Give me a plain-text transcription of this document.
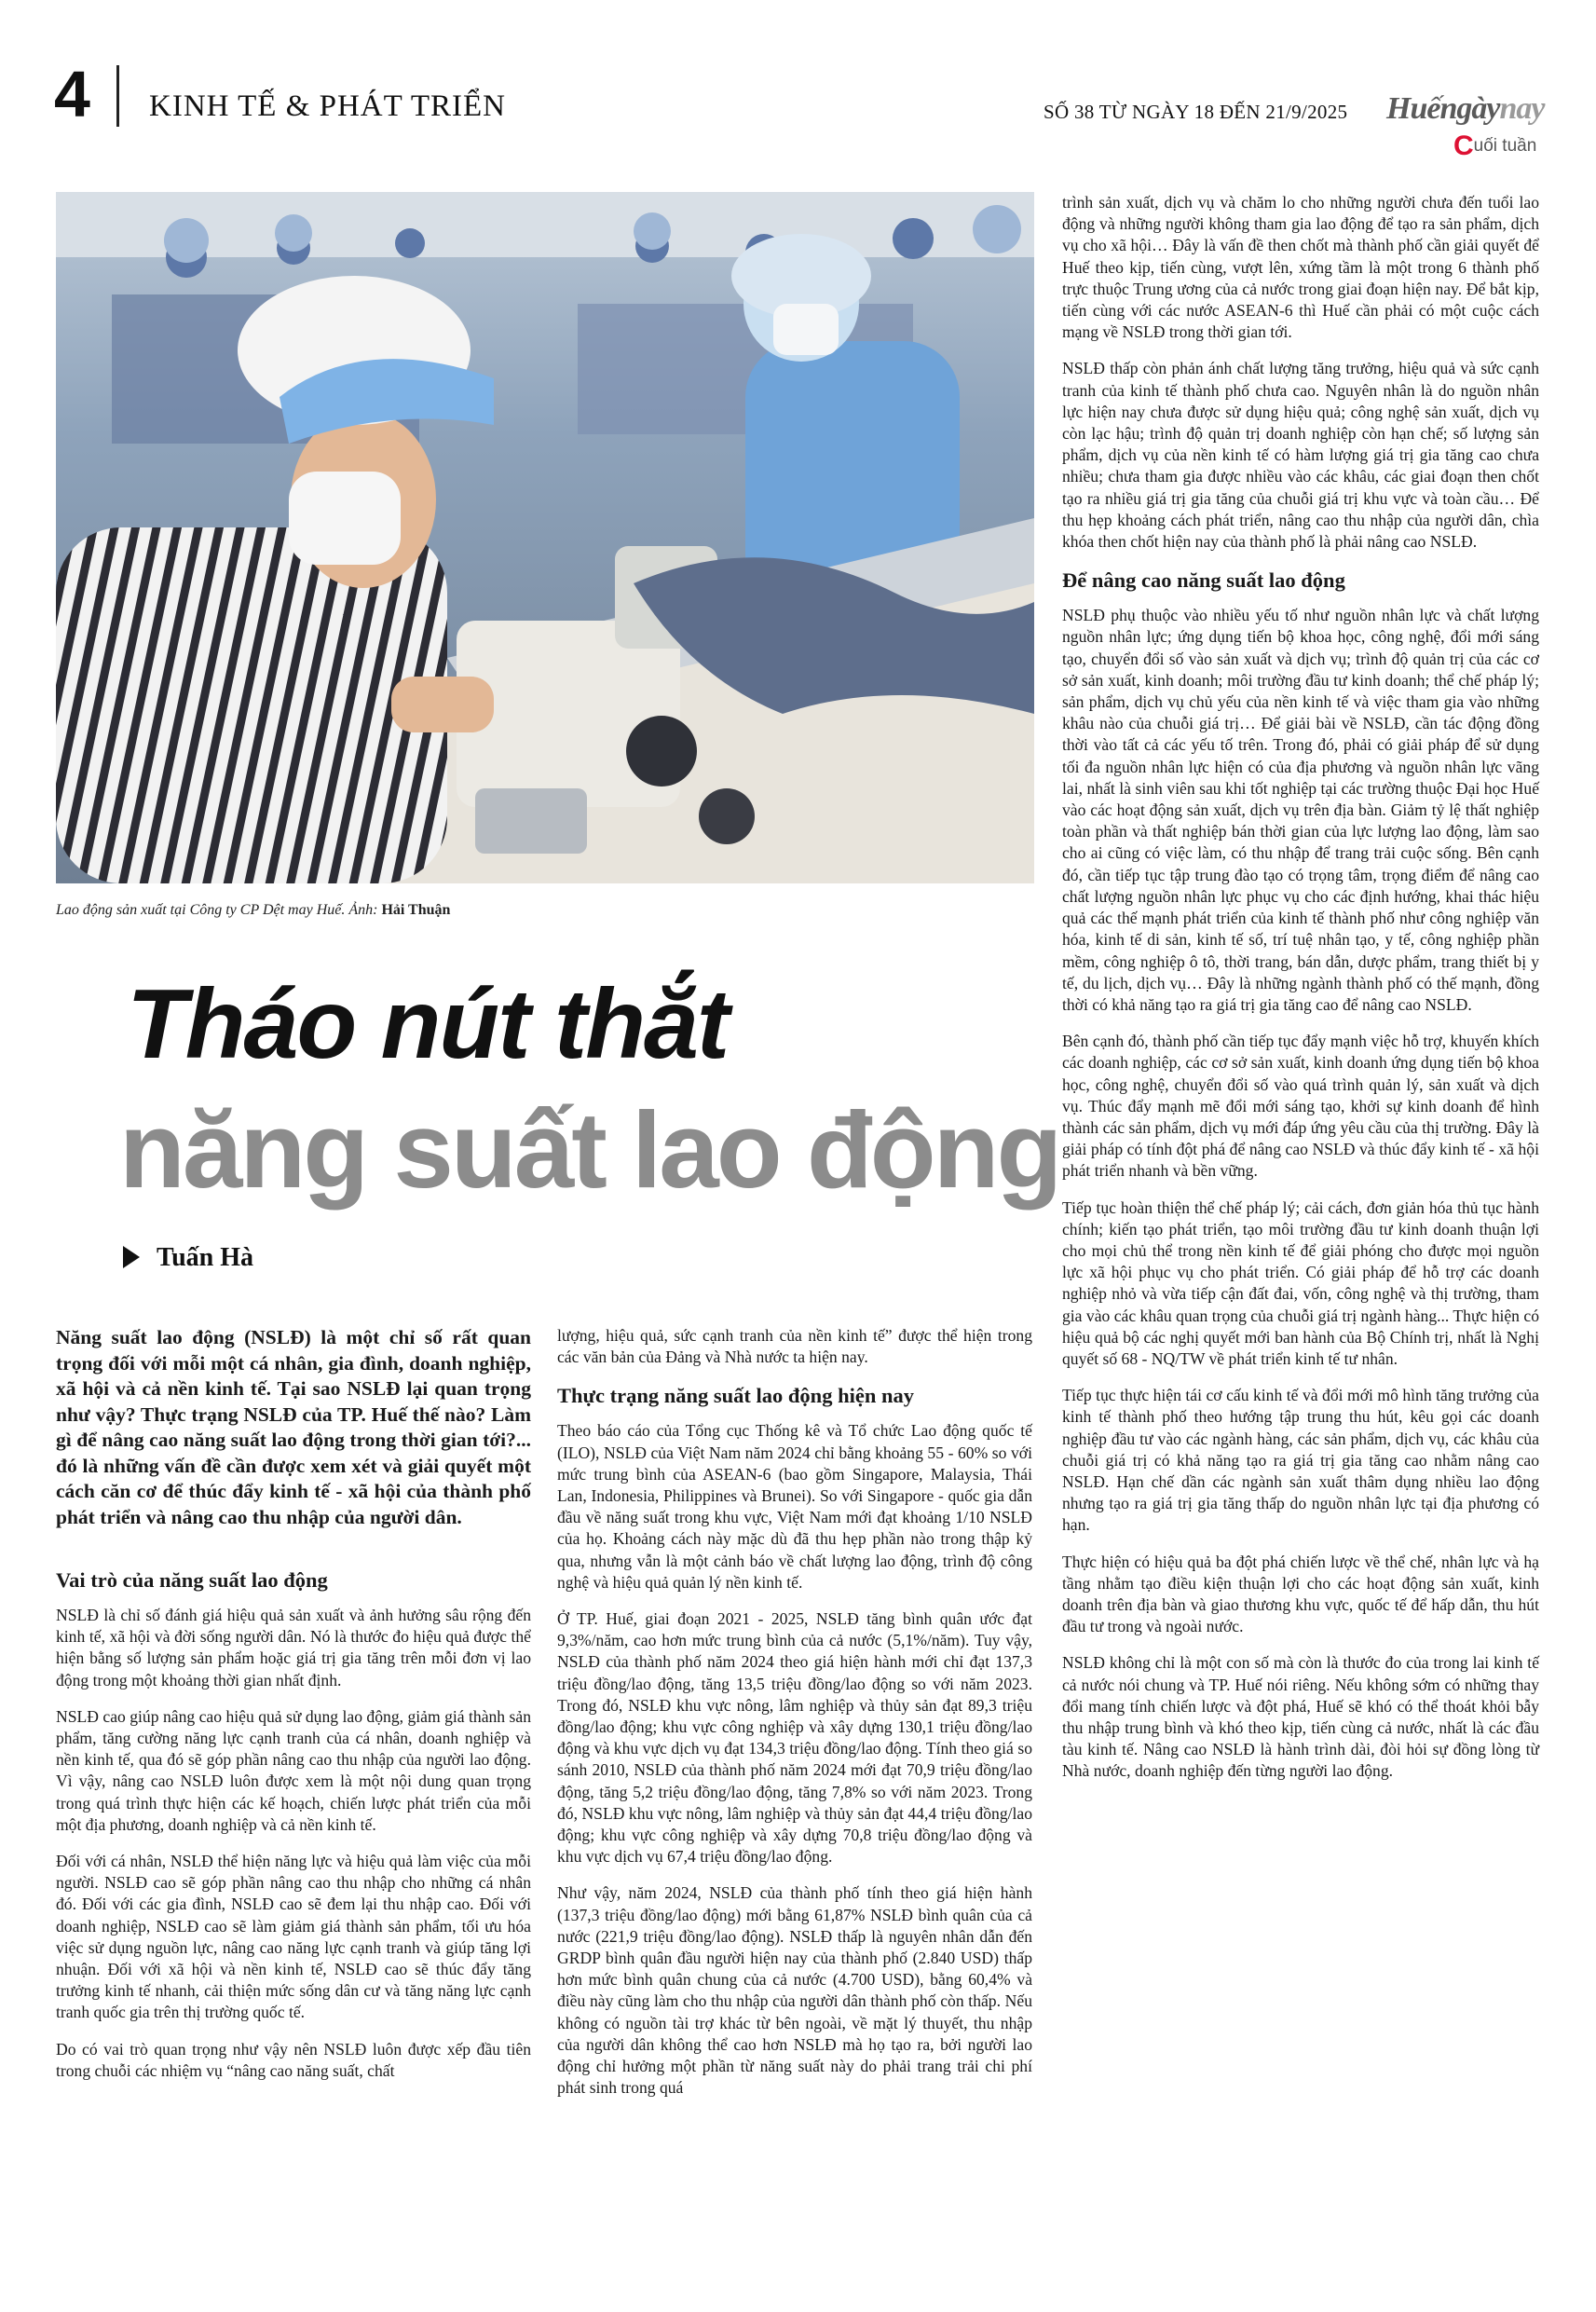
4 KINH TẾ & PHÁT TRIỂN	SỐ 38 TỪ NGÀY 18 ĐẾN 21/9/2025 Huếngàynay
Cuối tuần
Lao động sản xuất tại Công ty CP Dệt may Huế. Ảnh: Hải Thuận
Tháo nút thắt
năng suất lao động
Tuấn Hà
Năng suất lao động (NSLĐ) là một chỉ số rất quan trọng đối với mỗi một cá nhân, gia đình, doanh nghiệp, xã hội và cả nền kinh tế. Tại sao NSLĐ lại quan trọng như vậy? Thực trạng NSLĐ của TP. Huế thế nào? Làm gì để nâng cao năng suất lao động trong thời gian tới?... đó là những vấn đề cần được xem xét và giải quyết một cách căn cơ để thúc đẩy kinh tế - xã hội của thành phố phát triển và nâng cao thu nhập của người dân.
Vai trò của năng suất lao động

NSLĐ là chỉ số đánh giá hiệu quả sản xuất và ảnh hưởng sâu rộng đến kinh tế, xã hội và đời sống người dân. Nó là thước đo hiệu quả được thể hiện bằng số lượng sản phẩm hoặc giá trị gia tăng trên mỗi đơn vị lao động trong một khoảng thời gian nhất định.

NSLĐ cao giúp nâng cao hiệu quả sử dụng lao động, giảm giá thành sản phẩm, tăng cường năng lực cạnh tranh của cá nhân, doanh nghiệp và nền kinh tế, qua đó sẽ góp phần nâng cao thu nhập của người lao động. Vì vậy, nâng cao NSLĐ luôn được xem là một nội dung quan trọng trong quá trình thực hiện các kế hoạch, chiến lược phát triển của mỗi một địa phương, doanh nghiệp và cả nền kinh tế.

Đối với cá nhân, NSLĐ thể hiện năng lực và hiệu quả làm việc của mỗi người. NSLĐ cao sẽ góp phần nâng cao thu nhập cho những cá nhân đó. Đối với các gia đình, NSLĐ cao sẽ đem lại thu nhập cao. Đối với doanh nghiệp, NSLĐ cao sẽ làm giảm giá thành sản phẩm, tối ưu hóa việc sử dụng nguồn lực, nâng cao năng lực cạnh tranh và giúp tăng lợi nhuận. Đối với xã hội và nền kinh tế, NSLĐ cao sẽ thúc đẩy tăng trưởng kinh tế nhanh, cải thiện mức sống dân cư và tăng năng lực cạnh tranh quốc gia trên thị trường quốc tế.

Do có vai trò quan trọng như vậy nên NSLĐ luôn được xếp đầu tiên trong chuỗi các nhiệm vụ “nâng cao năng suất, chất

lượng, hiệu quả, sức cạnh tranh của nền kinh tế” được thể hiện trong các văn bản của Đảng và Nhà nước ta hiện nay.

Thực trạng năng suất lao động hiện nay

Theo báo cáo của Tổng cục Thống kê và Tổ chức Lao động quốc tế (ILO), NSLĐ của Việt Nam năm 2024 chỉ bằng khoảng 55 - 60% so với mức trung bình của ASEAN-6 (bao gồm Singapore, Malaysia, Thái Lan, Indonesia, Philippines và Brunei). So với Singapore - quốc gia dẫn đầu về năng suất trong khu vực, Việt Nam mới đạt khoảng 1/10 NSLĐ của họ. Khoảng cách này mặc dù đã thu hẹp phần nào trong thập kỷ qua, nhưng vẫn là một cảnh báo về chất lượng lao động, trình độ công nghệ và hiệu quả quản lý nền kinh tế.

Ở TP. Huế, giai đoạn 2021 - 2025, NSLĐ tăng bình quân ước đạt 9,3%/năm, cao hơn mức trung bình của cả nước (5,1%/năm). Tuy vậy, NSLĐ của thành phố năm 2024 theo giá hiện hành mới chỉ đạt 137,3 triệu đồng/lao động, tăng 13,5 triệu đồng/lao động so với năm 2023. Trong đó, NSLĐ khu vực nông, lâm nghiệp và thủy sản đạt 89,3 triệu đồng/lao động; khu vực công nghiệp và xây dựng 130,1 triệu đồng/lao động và khu vực dịch vụ đạt 134,3 triệu đồng/lao động. Tính theo giá so sánh 2010, NSLĐ của thành phố năm 2024 mới đạt 70,9 triệu đồng/lao động, tăng 5,2 triệu đồng/lao động, tăng 7,8% so với năm 2023. Trong đó, NSLĐ khu vực nông, lâm nghiệp và thủy sản đạt 44,4 triệu đồng/lao động; khu vực công nghiệp và xây dựng 70,8 triệu đồng/lao động và khu vực dịch vụ 67,4 triệu đồng/lao động.

Như vậy, năm 2024, NSLĐ của thành phố tính theo giá hiện hành (137,3 triệu đồng/lao động) mới bằng 61,87% NSLĐ bình quân của cả nước (221,9 triệu đồng/lao động). NSLĐ thấp là nguyên nhân dẫn đến GRDP bình quân đầu người hiện nay của thành phố (2.840 USD) thấp hơn mức bình quân chung của cả nước (4.700 USD), bằng 60,4% và điều này cũng làm cho thu nhập của người dân thành phố còn thấp. Nếu không có nguồn tài trợ khác từ bên ngoài, về mặt lý thuyết, thu nhập của người dân không thể cao hơn NSLĐ mà họ tạo ra, bởi người lao động chỉ hưởng một phần từ năng suất này do phải trang trải chi phí phát sinh trong quá

trình sản xuất, dịch vụ và chăm lo cho những người chưa đến tuổi lao động và những người không tham gia lao động để tạo ra sản phẩm, dịch vụ cho xã hội… Đây là vấn đề then chốt mà thành phố cần giải quyết để Huế theo kịp, tiến cùng, vượt lên, xứng tầm là một trong 6 thành phố trực thuộc Trung ương của cả nước trong giai đoạn hiện nay. Để bắt kịp, tiến cùng với các nước ASEAN-6 thì Huế cần phải có một cuộc cách mạng về NSLĐ trong thời gian tới.

NSLĐ thấp còn phản ánh chất lượng tăng trưởng, hiệu quả và sức cạnh tranh của kinh tế thành phố chưa cao. Nguyên nhân là do nguồn nhân lực hiện nay chưa được sử dụng hiệu quả; công nghệ sản xuất, dịch vụ còn lạc hậu; trình độ quản trị doanh nghiệp còn hạn chế; số lượng sản phẩm, dịch vụ của nền kinh tế có hàm lượng giá trị gia tăng cao chưa nhiều; chưa tham gia được nhiều vào các khâu, các giai đoạn then chốt tạo ra nhiều giá trị gia tăng của chuỗi giá trị khu vực và toàn cầu… Để thu hẹp khoảng cách phát triển, nâng cao thu nhập của người dân, chìa khóa then chốt hiện nay của thành phố là phải nâng cao NSLĐ.

Để nâng cao năng suất lao động

NSLĐ phụ thuộc vào nhiều yếu tố như nguồn nhân lực và chất lượng nguồn nhân lực; ứng dụng tiến bộ khoa học, công nghệ, đổi mới sáng tạo, chuyển đổi số vào sản xuất và dịch vụ; trình độ quản trị của các cơ sở sản xuất, kinh doanh; môi trường đầu tư kinh doanh; thể chế pháp lý; sản phẩm, dịch vụ chủ yếu của nền kinh tế và việc tham gia vào những khâu nào của chuỗi giá trị… Để giải bài về NSLĐ, cần tác động đồng thời vào tất cả các yếu tố trên. Trong đó, phải có giải pháp để sử dụng tối đa nguồn nhân lực hiện có của địa phương và nguồn nhân lực vãng lai, nhất là sinh viên sau khi tốt nghiệp tại các trường thuộc Đại học Huế vào các hoạt động sản xuất, dịch vụ trên địa bàn. Giảm tỷ lệ thất nghiệp toàn phần và thất nghiệp bán thời gian của lực lượng lao động, làm sao cho ai cũng có việc làm, có thu nhập để trang trải cuộc sống. Bên cạnh đó, cần tiếp tục tập trung đào tạo có trọng tâm, trọng điểm để nâng cao chất lượng nguồn nhân lực phục vụ cho các định hướng, khai thác hiệu quả các thế mạnh phát triển của kinh tế thành phố như công nghiệp văn hóa, kinh tế di sản, kinh tế số, trí tuệ nhân tạo, y tế, công nghiệp phần mềm, công nghiệp ô tô, thời trang, bán dẫn, dược phẩm, trang thiết bị y tế, du lịch, dịch vụ… Đây là những ngành thành phố có thế mạnh, đồng thời có khả năng tạo ra giá trị gia tăng cao để nâng cao NSLĐ.

Bên cạnh đó, thành phố cần tiếp tục đẩy mạnh việc hỗ trợ, khuyến khích các doanh nghiệp, các cơ sở sản xuất, kinh doanh ứng dụng tiến bộ khoa học, công nghệ, chuyển đổi số vào quá trình quản lý, sản xuất và dịch vụ. Thúc đẩy mạnh mẽ đổi mới sáng tạo, khởi sự kinh doanh để hình thành các sản phẩm, dịch vụ mới đáp ứng yêu cầu của thị trường. Đây là giải pháp có tính đột phá để nâng cao NSLĐ và thúc đẩy kinh tế - xã hội phát triển nhanh và bền vững.

Tiếp tục hoàn thiện thể chế pháp lý; cải cách, đơn giản hóa thủ tục hành chính; kiến tạo phát triển, tạo môi trường đầu tư kinh doanh thuận lợi cho mọi chủ thể trong nền kinh tế để giải phóng cho được mọi nguồn lực xã hội phục vụ cho phát triển. Có giải pháp để hỗ trợ các doanh nghiệp nhỏ và vừa tiếp cận đất đai, vốn, công nghệ và thị trường, tham gia vào các khâu quan trọng của chuỗi giá trị ngành hàng... Thực hiện có hiệu quả bộ các nghị quyết mới ban hành của Bộ Chính trị, nhất là Nghị quyết số 68 - NQ/TW về phát triển kinh tế tư nhân.

Tiếp tục thực hiện tái cơ cấu kinh tế và đổi mới mô hình tăng trưởng của kinh tế thành phố theo hướng tập trung thu hút, kêu gọi các doanh nghiệp đầu tư vào các ngành hàng, các sản phẩm, dịch vụ, các khâu của chuỗi giá trị có khả năng tạo ra giá trị gia tăng cao nhằm nâng cao NSLĐ. Hạn chế dần các ngành sản xuất thâm dụng nhiều lao động nhưng tạo ra giá trị gia tăng thấp do nguồn nhân lực tại địa phương có hạn.

Thực hiện có hiệu quả ba đột phá chiến lược về thể chế, nhân lực và hạ tầng nhằm tạo điều kiện thuận lợi cho các hoạt động sản xuất, kinh doanh trên địa bàn và giao thương khu vực, quốc tế để hấp dẫn, thu hút đầu tư trong và ngoài nước.

NSLĐ không chỉ là một con số mà còn là thước đo của trong lai kinh tế cả nước nói chung và TP. Huế nói riêng. Nếu không sớm có những thay đổi mang tính chiến lược và đột phá, Huế sẽ khó có thể thoát khỏi bẫy thu nhập trung bình và khó theo kịp, tiến cùng cả nước, nhất là các đầu tàu kinh tế. Nâng cao NSLĐ là hành trình dài, đòi hỏi sự đồng lòng từ Nhà nước, doanh nghiệp đến từng người lao động.
